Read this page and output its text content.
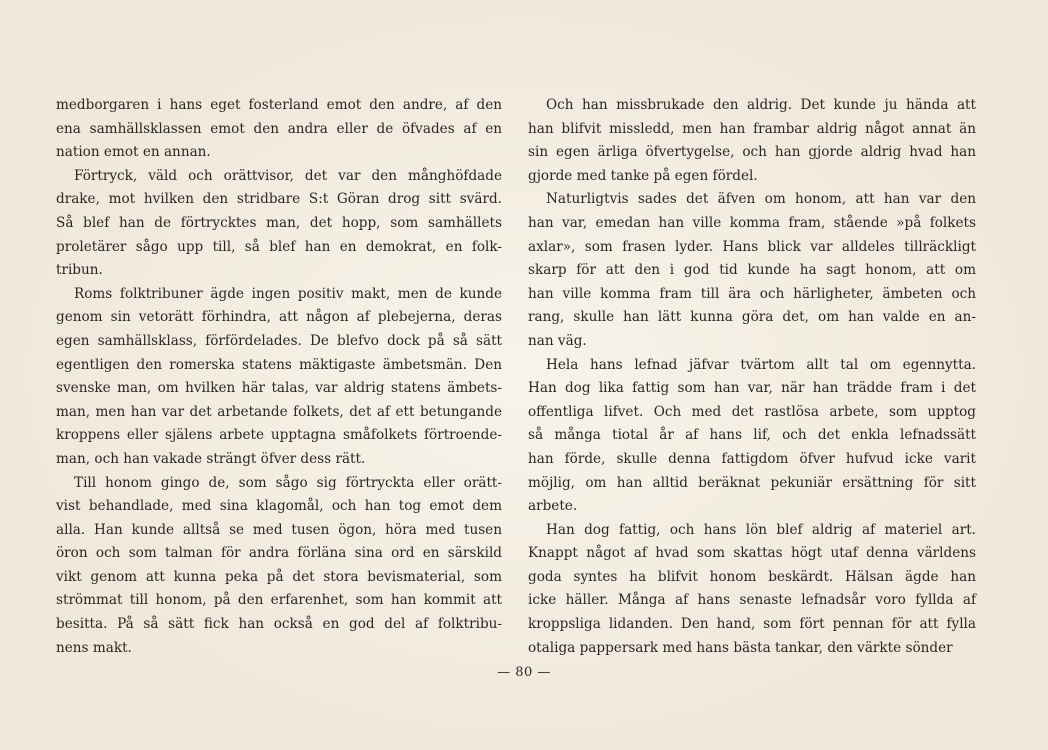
medborgaren i hans eget fosterland emot den andre, af den
ena samhällsklassen emot den andra eller de öfvades af en
nation emot en annan.

Förtryck, väld och orättvisor, det var den månghöfdade
drake, mot hvilken den stridbare S:t Göran drog sitt svärd.
Så blef han de förtrycktes man, det hopp, som samhällets
proletärer sågo upp till, så blef han en demokrat, en folk-
tribun.

Roms folktribuner ägde ingen positiv makt, men de kunde
genom sin vetorätt förhindra, att någon af plebejerna, deras
egen samhällsklass, förfördelades. De blefvo dock på så sätt
egentligen den romerska statens mäktigaste ämbetsmän. Den
svenske man, om hvilken här talas, var aldrig statens ämbets-
man, men han var det arbetande folkets, det af ett betungande
kroppens eller själens arbete upptagna småfolkets förtroende-
man, och han vakade strängt öfver dess rätt.

Till honom gingo de, som sågo sig förtryckta eller orätt-
vist behandlade, med sina klagomål, och han tog emot dem
alla. Han kunde alltså se med tusen ögon, höra med tusen
öron och som talman för andra förläna sina ord en särskild
vikt genom att kunna peka på det stora bevismaterial, som
strömmat till honom, på den erfarenhet, som han kommit att
besitta. På så sätt fick han också en god del af folktribu-
nens makt.

Och han missbrukade den aldrig. Det kunde ju hända att
han blifvit missledd, men han frambar aldrig något annat än
sin egen ärliga öfvertygelse, och han gjorde aldrig hvad han
gjorde med tanke på egen fördel.

Naturligtvis sades det äfven om honom, att han var den
han var, emedan han ville komma fram, stående »på folkets
axlar», som frasen lyder. Hans blick var alldeles tillräckligt
skarp för att den i god tid kunde ha sagt honom, att om
han ville komma fram till ära och härligheter, ämbeten och
rang, skulle han lätt kunna göra det, om han valde en an-
nan väg.

Hela hans lefnad jäfvar tvärtom allt tal om egennytta.
Han dog lika fattig som han var, när han trädde fram i det
offentliga lifvet. Och med det rastlösa arbete, som upptog
så många tiotal år af hans lif, och det enkla lefnadssätt
han förde, skulle denna fattigdom öfver hufvud icke varit
möjlig, om han alltid beräknat pekuniär ersättning för sitt
arbete.

Han dog fattig, och hans lön blef aldrig af materiel art.
Knappt något af hvad som skattas högt utaf denna världens
goda syntes ha blifvit honom beskärdt. Hälsan ägde han
icke häller. Många af hans senaste lefnadsår voro fyllda af
kroppsliga lidanden. Den hand, som fört pennan för att fylla
otaliga pappersark med hans bästa tankar, den värkte sönder

— 80 —
